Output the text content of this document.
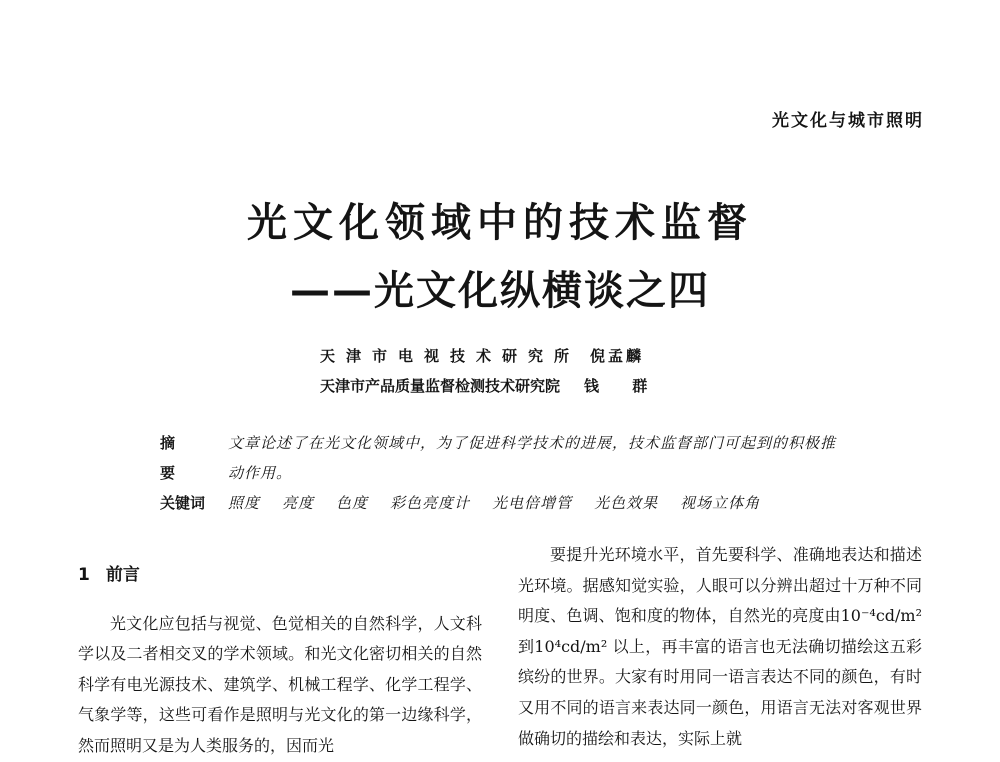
光文化与城市照明
光文化领域中的技术监督
——光文化纵横谈之四
天津市电视技术研究所 倪孟麟
天津市产品质量监督检测技术研究院 钱 群
摘 要
文章论述了在光文化领域中，为了促进科学技术的进展，技术监督部门可起到的积极推动作用。
关键词	照度 亮度 色度 彩色亮度计 光电倍增管 光色效果 视场立体角
1 前言

光文化应包括与视觉、色觉相关的自然科学，人文科学以及二者相交叉的学术领域。和光文化密切相关的自然科学有电光源技术、建筑学、机械工程学、化学工程学、气象学等，这些可看作是照明与光文化的第一边缘科学，然而照明又是为人类服务的，因而光

要提升光环境水平，首先要科学、准确地表达和描述光环境。据感知觉实验，人眼可以分辨出超过十万种不同明度、色调、饱和度的物体，自然光的亮度由10⁻⁴cd/m² 到10⁴cd/m² 以上，再丰富的语言也无法确切描绘这五彩缤纷的世界。大家有时用同一语言表达不同的颜色，有时又用不同的语言来表达同一颜色，用语言无法对客观世界做确切的描绘和表达，实际上就
